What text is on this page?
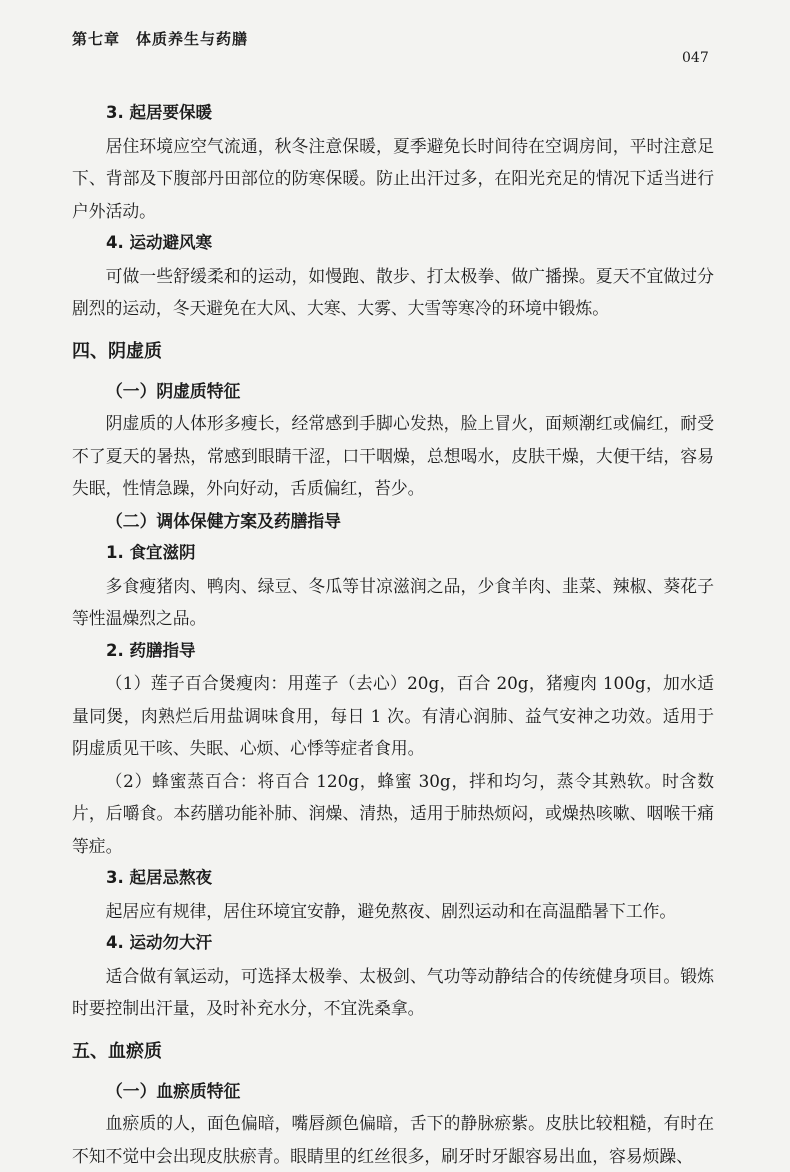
第七章　体质养生与药膳
047

3. 起居要保暖

居住环境应空气流通，秋冬注意保暖，夏季避免长时间待在空调房间，平时注意足下、背部及下腹部丹田部位的防寒保暖。防止出汗过多，在阳光充足的情况下适当进行户外活动。

4. 运动避风寒

可做一些舒缓柔和的运动，如慢跑、散步、打太极拳、做广播操。夏天不宜做过分剧烈的运动，冬天避免在大风、大寒、大雾、大雪等寒冷的环境中锻炼。

四、阴虚质

（一）阴虚质特征

阴虚质的人体形多瘦长，经常感到手脚心发热，脸上冒火，面颊潮红或偏红，耐受不了夏天的暑热，常感到眼睛干涩，口干咽燥，总想喝水，皮肤干燥，大便干结，容易失眠，性情急躁，外向好动，舌质偏红，苔少。

（二）调体保健方案及药膳指导

1. 食宜滋阴

多食瘦猪肉、鸭肉、绿豆、冬瓜等甘凉滋润之品，少食羊肉、韭菜、辣椒、葵花子等性温燥烈之品。

2. 药膳指导

（1）莲子百合煲瘦肉：用莲子（去心）20g，百合 20g，猪瘦肉 100g，加水适量同煲，肉熟烂后用盐调味食用，每日 1 次。有清心润肺、益气安神之功效。适用于阴虚质见干咳、失眠、心烦、心悸等症者食用。

（2）蜂蜜蒸百合：将百合 120g，蜂蜜 30g，拌和均匀，蒸令其熟软。时含数片，后嚼食。本药膳功能补肺、润燥、清热，适用于肺热烦闷，或燥热咳嗽、咽喉干痛等症。

3. 起居忌熬夜

起居应有规律，居住环境宜安静，避免熬夜、剧烈运动和在高温酷暑下工作。

4. 运动勿大汗

适合做有氧运动，可选择太极拳、太极剑、气功等动静结合的传统健身项目。锻炼时要控制出汗量，及时补充水分，不宜洗桑拿。

五、血瘀质

（一）血瘀质特征

血瘀质的人，面色偏暗，嘴唇颜色偏暗，舌下的静脉瘀紫。皮肤比较粗糙，有时在不知不觉中会出现皮肤瘀青。眼睛里的红丝很多，刷牙时牙龈容易出血，容易烦躁、
